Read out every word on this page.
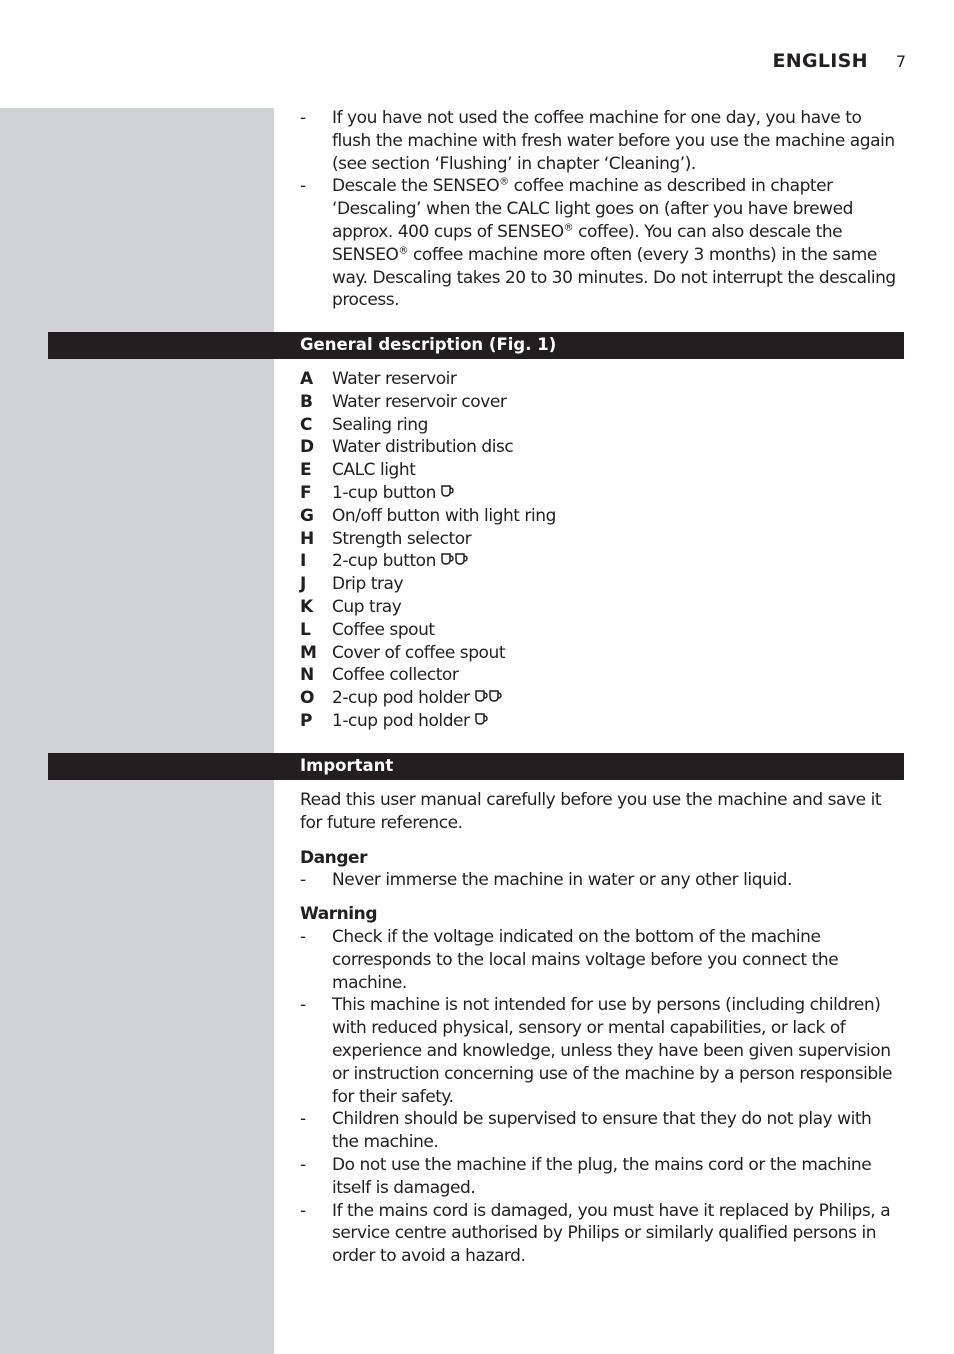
ENGLISH 7
- If you have not used the coffee machine for one day, you have to flush the machine with fresh water before you use the machine again (see section ‘Flushing’ in chapter ‘Cleaning’).
- Descale the SENSEO® coffee machine as described in chapter ‘Descaling’ when the CALC light goes on (after you have brewed approx. 400 cups of SENSEO® coffee). You can also descale the SENSEO® coffee machine more often (every 3 months) in the same way. Descaling takes 20 to 30 minutes. Do not interrupt the descaling process.
General description (Fig. 1)
A	Water reservoir
B	Water reservoir cover
C	Sealing ring
D	Water distribution disc
E	CALC light
F	1-cup button
G	On/off button with light ring
H	Strength selector
I	2-cup button
J	Drip tray
K	Cup tray
L	Coffee spout
M Cover of coffee spout
N	Coffee collector
O	2-cup pod holder
P	1-cup pod holder
Important

Read this user manual carefully before you use the machine and save it for future reference.

Danger

- Never immerse the machine in water or any other liquid.

Warning

- Check if the voltage indicated on the bottom of the machine corresponds to the local mains voltage before you connect the machine.
- This machine is not intended for use by persons (including children) with reduced physical, sensory or mental capabilities, or lack of experience and knowledge, unless they have been given supervision or instruction concerning use of the machine by a person responsible for their safety.
- Children should be supervised to ensure that they do not play with the machine.
- Do not use the machine if the plug, the mains cord or the machine itself is damaged.
- If the mains cord is damaged, you must have it replaced by Philips, a service centre authorised by Philips or similarly qualified persons in order to avoid a hazard.
